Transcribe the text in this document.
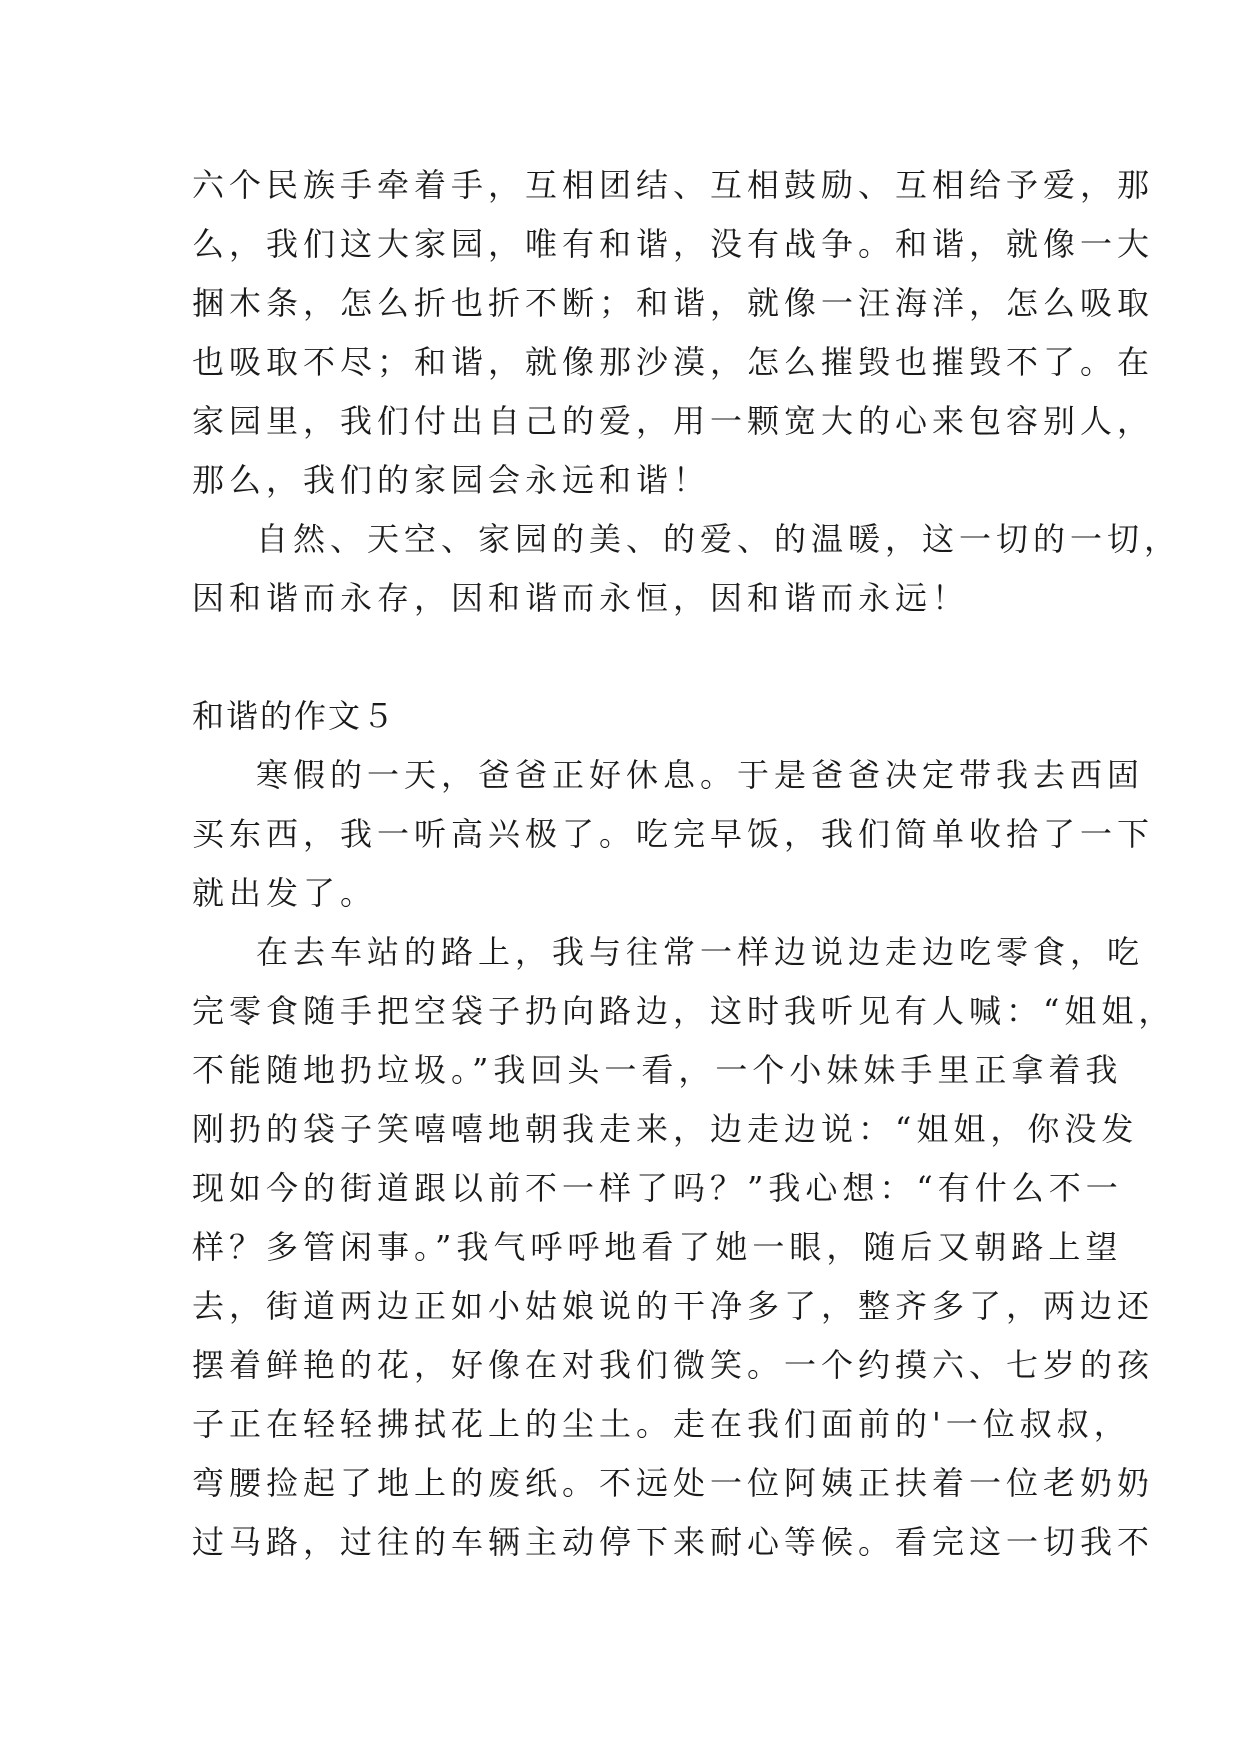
六个民族手牵着手，互相团结、互相鼓励、互相给予爱，那
么，我们这大家园，唯有和谐，没有战争。和谐，就像一大
捆木条，怎么折也折不断；和谐，就像一汪海洋，怎么吸取
也吸取不尽；和谐，就像那沙漠，怎么摧毁也摧毁不了。在
家园里，我们付出自己的爱，用一颗宽大的心来包容别人，
那么，我们的家园会永远和谐！
自然、天空、家园的美、的爱、的温暖，这一切的一切，
因和谐而永存，因和谐而永恒，因和谐而永远！
和谐的作文５
寒假的一天，爸爸正好休息。于是爸爸决定带我去西固
买东西，我一听高兴极了。吃完早饭，我们简单收拾了一下
就出发了。
在去车站的路上，我与往常一样边说边走边吃零食，吃
完零食随手把空袋子扔向路边，这时我听见有人喊：“姐姐，
不能随地扔垃圾。”我回头一看，一个小妹妹手里正拿着我
刚扔的袋子笑嘻嘻地朝我走来，边走边说：“姐姐，你没发
现如今的街道跟以前不一样了吗？”我心想：“有什么不一
样？多管闲事。”我气呼呼地看了她一眼，随后又朝路上望
去，街道两边正如小姑娘说的干净多了，整齐多了，两边还
摆着鲜艳的花，好像在对我们微笑。一个约摸六、七岁的孩
子正在轻轻拂拭花上的尘土。走在我们面前的'一位叔叔，
弯腰捡起了地上的废纸。不远处一位阿姨正扶着一位老奶奶
过马路，过往的车辆主动停下来耐心等候。看完这一切我不
